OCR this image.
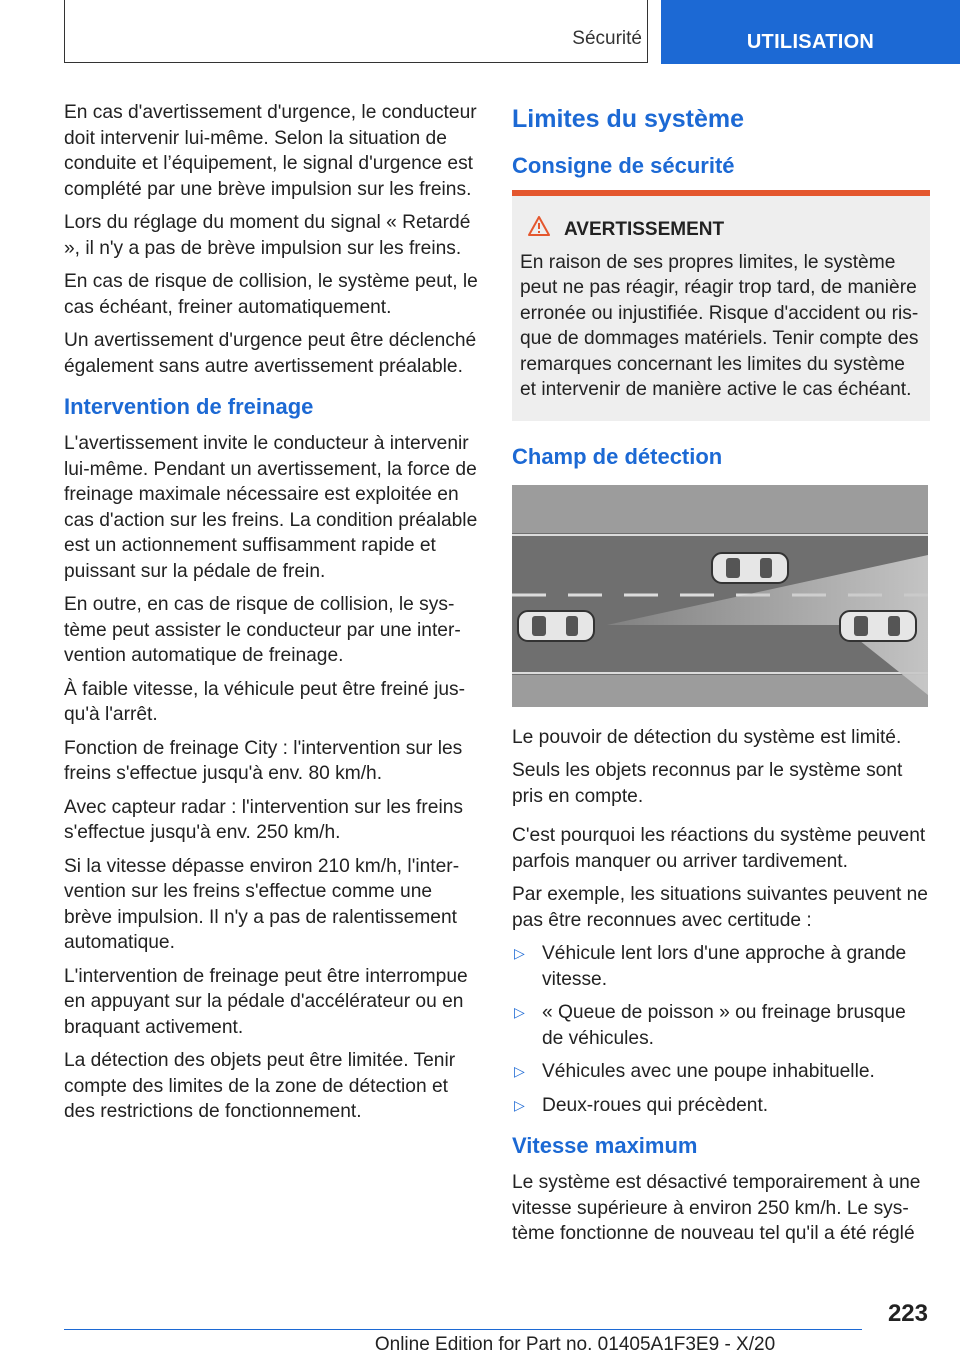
Sécurité	UTILISATION

En cas d'avertissement d'urgence, le conducteur doit intervenir lui-même. Selon la situation de conduite et l’équipement, le signal d'urgence est complété par une brève impulsion sur les freins.

Lors du réglage du moment du signal « Retardé », il n'y a pas de brève impulsion sur les freins.

En cas de risque de collision, le système peut, le cas échéant, freiner automatiquement.

Un avertissement d'urgence peut être déclenché également sans autre avertissement préalable.

Intervention de freinage

L'avertissement invite le conducteur à intervenir lui-même. Pendant un avertissement, la force de freinage maximale nécessaire est exploitée en cas d'action sur les freins. La condition préalable est un actionnement suffisamment rapide et puissant sur la pédale de frein.

En outre, en cas de risque de collision, le système peut assister le conducteur par une intervention automatique de freinage.

À faible vitesse, la véhicule peut être freiné jusqu'à l'arrêt.

Fonction de freinage City : l'intervention sur les freins s'effectue jusqu'à env. 80 km/h.

Avec capteur radar : l'intervention sur les freins s'effectue jusqu'à env. 250 km/h.

Si la vitesse dépasse environ 210 km/h, l'intervention sur les freins s'effectue comme une brève impulsion. Il n'y a pas de ralentissement automatique.

L'intervention de freinage peut être interrompue en appuyant sur la pédale d'accélérateur ou en braquant activement.

La détection des objets peut être limitée. Tenir compte des limites de la zone de détection et des restrictions de fonctionnement.

Limites du système
Consigne de sécurité
AVERTISSEMENT
En raison de ses propres limites, le système peut ne pas réagir, réagir trop tard, de manière erronée ou injustifiée. Risque d'accident ou risque de dommages matériels. Tenir compte des remarques concernant les limites du système et intervenir de manière active le cas échéant.
Champ de détection

Le pouvoir de détection du système est limité.

Seuls les objets reconnus par le système sont pris en compte.

C'est pourquoi les réactions du système peuvent parfois manquer ou arriver tardivement.

Par exemple, les situations suivantes peuvent ne pas être reconnues avec certitude :

▷ Véhicule lent lors d'une approche à grande vitesse.
▷ « Queue de poisson » ou freinage brusque de véhicules.
▷ Véhicules avec une poupe inhabituelle.
▷ Deux-roues qui précèdent.
Vitesse maximum

Le système est désactivé temporairement à une vitesse supérieure à environ 250 km/h. Le système fonctionne de nouveau tel qu'il a été réglé

223
Online Edition for Part no. 01405A1F3E9 - X/20
